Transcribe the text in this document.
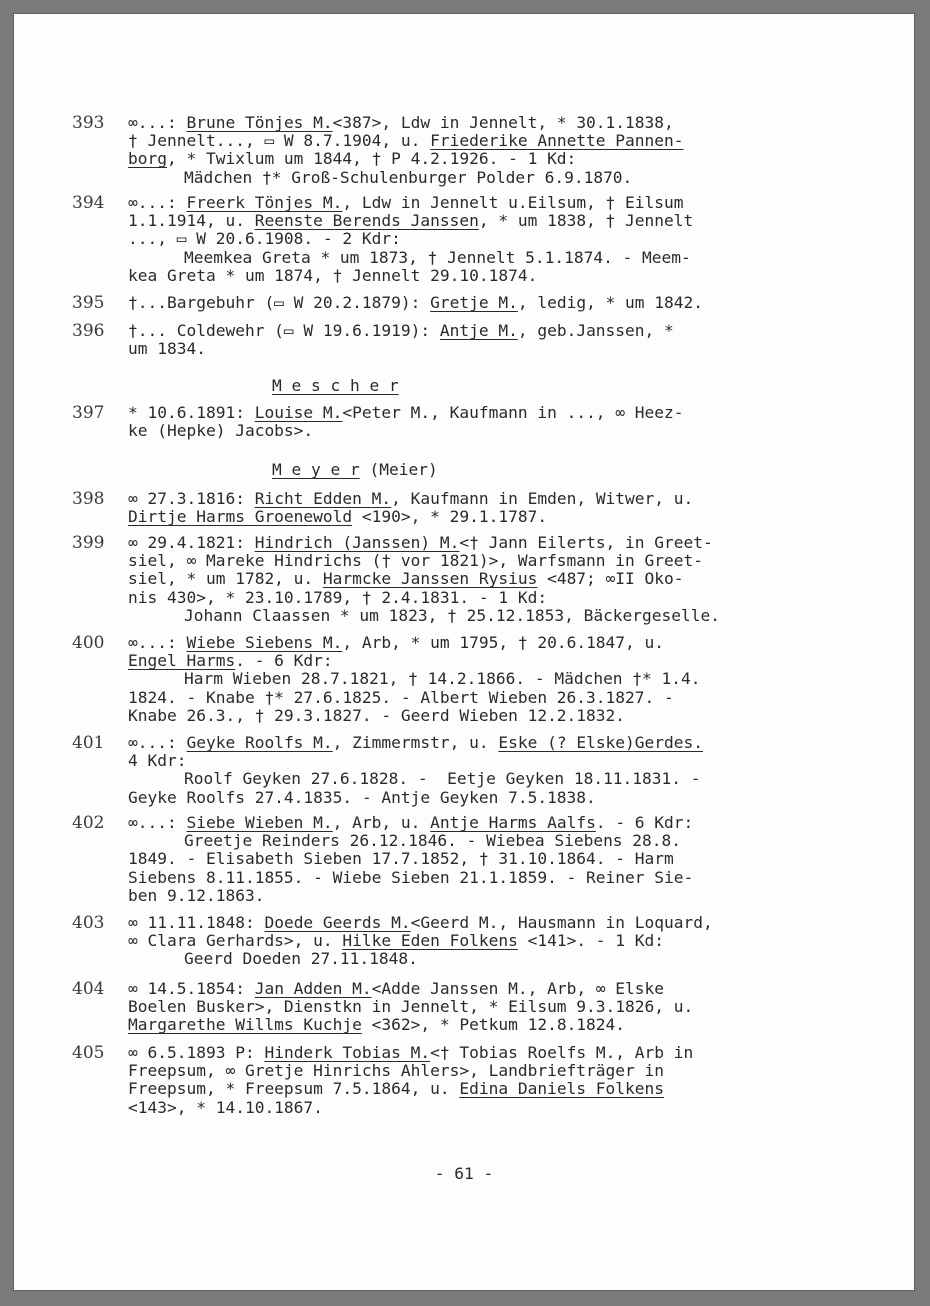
393	∞...: Brune Tönjes M.<387>, Ldw in Jennelt, * 30.1.1838,
† Jennelt..., ▭ W 8.7.1904, u. Friederike Annette Pannen-
borg, * Twixlum um 1844, † P 4.2.1926. - 1 Kd:
Mädchen †* Groß-Schulenburger Polder 6.9.1870.
394	∞...: Freerk Tönjes M., Ldw in Jennelt u.Eilsum, † Eilsum
1.1.1914, u. Reenste Berends Janssen, * um 1838, † Jennelt
..., ▭ W 20.6.1908. - 2 Kdr:
Meemkea Greta * um 1873, † Jennelt 5.1.1874. - Meem-
kea Greta * um 1874, † Jennelt 29.10.1874.
395	†...Bargebuhr (▭ W 20.2.1879): Gretje M., ledig, * um 1842.
396	†... Coldewehr (▭ W 19.6.1919): Antje M., geb.Janssen, *
um 1834.
397	* 10.6.1891: Louise M.<Peter M., Kaufmann in ..., ∞ Heez-
ke (Hepke) Jacobs>.
398	∞ 27.3.1816: Richt Edden M., Kaufmann in Emden, Witwer, u.
Dirtje Harms Groenewold <190>, * 29.1.1787.
399	∞ 29.4.1821: Hindrich (Janssen) M.<† Jann Eilerts, in Greet-
siel, ∞ Mareke Hindrichs († vor 1821)>, Warfsmann in Greet-
siel, * um 1782, u. Harmcke Janssen Rysius <487; ∞II Oko-
nis 430>, * 23.10.1789, † 2.4.1831. - 1 Kd:
Johann Claassen * um 1823, † 25.12.1853, Bäckergeselle.
400	∞...: Wiebe Siebens M., Arb, * um 1795, † 20.6.1847, u.
Engel Harms. - 6 Kdr:
Harm Wieben 28.7.1821, † 14.2.1866. - Mädchen †* 1.4.
1824. - Knabe †* 27.6.1825. - Albert Wieben 26.3.1827. -
Knabe 26.3., † 29.3.1827. - Geerd Wieben 12.2.1832.
401	∞...: Geyke Roolfs M., Zimmermstr, u. Eske (? Elske)Gerdes.
4 Kdr:
Roolf Geyken 27.6.1828. -  Eetje Geyken 18.11.1831. -
Geyke Roolfs 27.4.1835. - Antje Geyken 7.5.1838.
402	∞...: Siebe Wieben M., Arb, u. Antje Harms Aalfs. - 6 Kdr:
Greetje Reinders 26.12.1846. - Wiebea Siebens 28.8.
1849. - Elisabeth Sieben 17.7.1852, † 31.10.1864. - Harm
Siebens 8.11.1855. - Wiebe Sieben 21.1.1859. - Reiner Sie-
ben 9.12.1863.
403	∞ 11.11.1848: Doede Geerds M.<Geerd M., Hausmann in Loquard,
∞ Clara Gerhards>, u. Hilke Eden Folkens <141>. - 1 Kd:
Geerd Doeden 27.11.1848.
404	∞ 14.5.1854: Jan Adden M.<Adde Janssen M., Arb, ∞ Elske
Boelen Busker>, Dienstkn in Jennelt, * Eilsum 9.3.1826, u.
Margarethe Willms Kuchje <362>, * Petkum 12.8.1824.
405	∞ 6.5.1893 P: Hinderk Tobias M.<† Tobias Roelfs M., Arb in
Freepsum, ∞ Gretje Hinrichs Ahlers>, Landbriefträger in
Freepsum, * Freepsum 7.5.1864, u. Edina Daniels Folkens
<143>, * 14.10.1867.
M e s c h e r
M e y e r (Meier)
- 61 -
